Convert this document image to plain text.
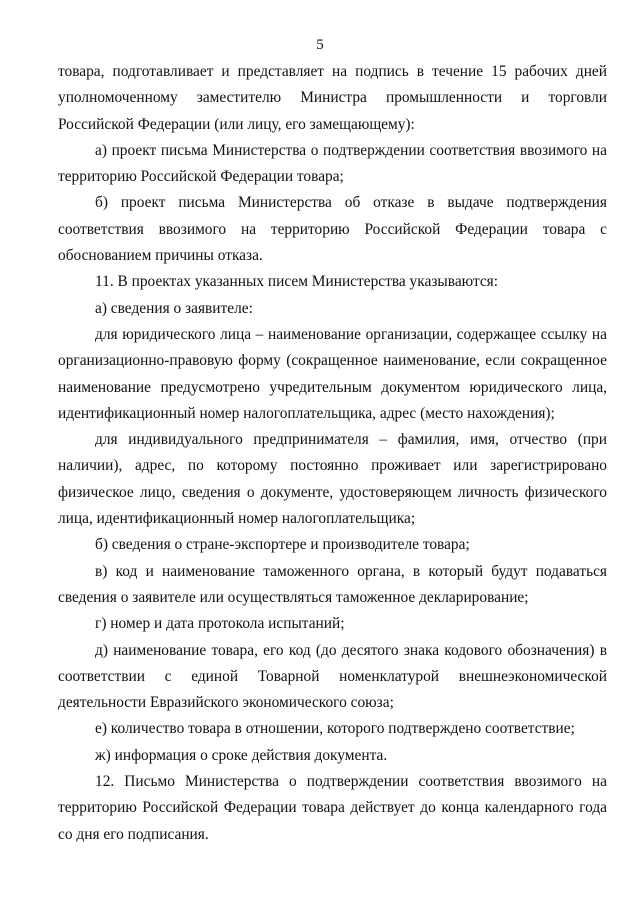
5

товара, подготавливает и представляет на подпись в течение 15 рабочих дней уполномоченному заместителю Министра промышленности и торговли Российской Федерации (или лицу, его замещающему):

а) проект письма Министерства о подтверждении соответствия ввозимого на территорию Российской Федерации товара;

б) проект письма Министерства об отказе в выдаче подтверждения соответствия ввозимого на территорию Российской Федерации товара с обоснованием причины отказа.

11. В проектах указанных писем Министерства указываются:

а) сведения о заявителе:

для юридического лица – наименование организации, содержащее ссылку на организационно-правовую форму (сокращенное наименование, если сокращенное наименование предусмотрено учредительным документом юридического лица, идентификационный номер налогоплательщика, адрес (место нахождения);

для индивидуального предпринимателя – фамилия, имя, отчество (при наличии), адрес, по которому постоянно проживает или зарегистрировано физическое лицо, сведения о документе, удостоверяющем личность физического лица, идентификационный номер налогоплательщика;

б) сведения о стране-экспортере и производителе товара;

в) код и наименование таможенного органа, в который будут подаваться сведения о заявителе или осуществляться таможенное декларирование;

г) номер и дата протокола испытаний;

д) наименование товара, его код (до десятого знака кодового обозначения) в соответствии с единой Товарной номенклатурой внешнеэкономической деятельности Евразийского экономического союза;

е) количество товара в отношении, которого подтверждено соответствие;

ж) информация о сроке действия документа.

12. Письмо Министерства о подтверждении соответствия ввозимого на территорию Российской Федерации товара действует до конца календарного года со дня его подписания.
